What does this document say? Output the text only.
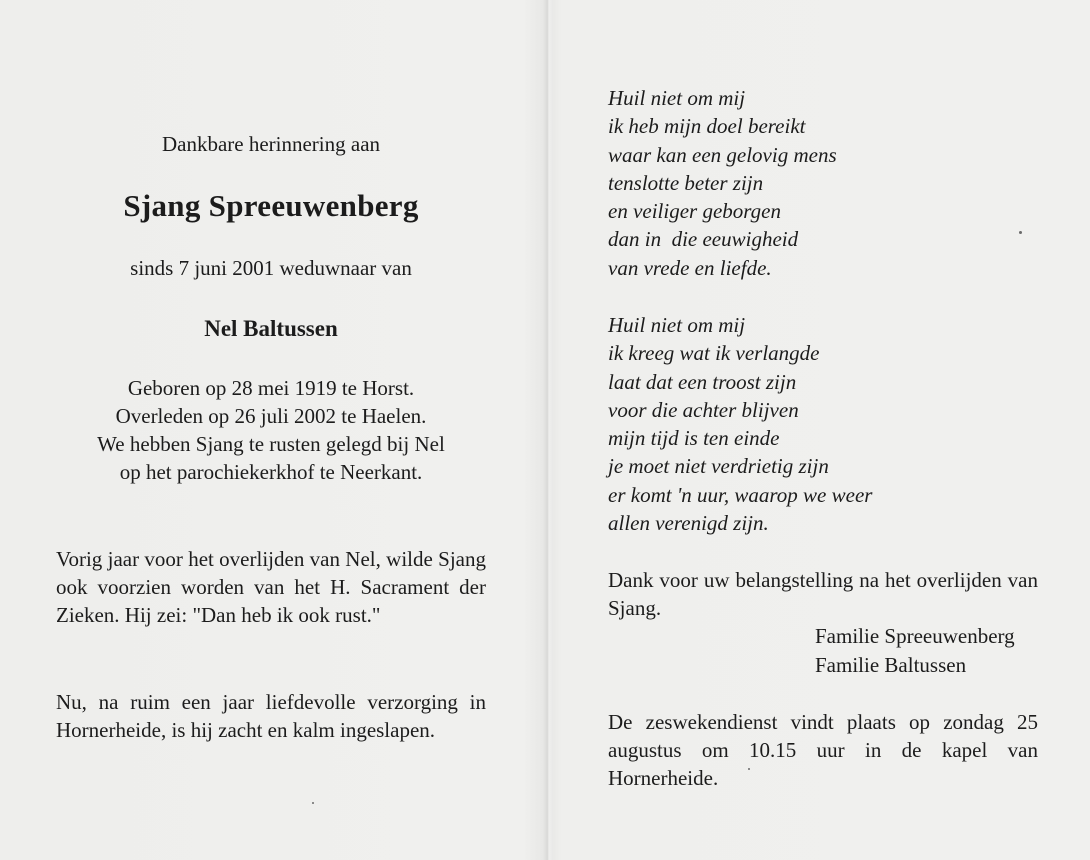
Dankbare herinnering aan
Sjang Spreeuwenberg
sinds 7 juni 2001 weduwnaar van
Nel Baltussen
Geboren op 28 mei 1919 te Horst.
Overleden op 26 juli 2002 te Haelen.
We hebben Sjang te rusten gelegd bij Nel
op het parochiekerkhof te Neerkant.
Vorig jaar voor het overlijden van Nel, wilde Sjang ook voorzien worden van het H. Sacrament der Zieken. Hij zei: "Dan heb ik ook rust."
Nu, na ruim een jaar liefdevolle verzorging in Hornerheide, is hij zacht en kalm ingeslapen.
Huil niet om mij
ik heb mijn doel bereikt
waar kan een gelovig mens
tenslotte beter zijn
en veiliger geborgen
dan in  die eeuwigheid
van vrede en liefde.
Huil niet om mij
ik kreeg wat ik verlangde
laat dat een troost zijn
voor die achter blijven
mijn tijd is ten einde
je moet niet verdrietig zijn
er komt 'n uur, waarop we weer
allen verenigd zijn.
Dank voor uw belangstelling na het overlijden van Sjang.
Familie Spreeuwenberg
Familie Baltussen
De zeswekendienst vindt plaats op zondag 25 augustus om 10.15 uur in de kapel van Hornerheide.
